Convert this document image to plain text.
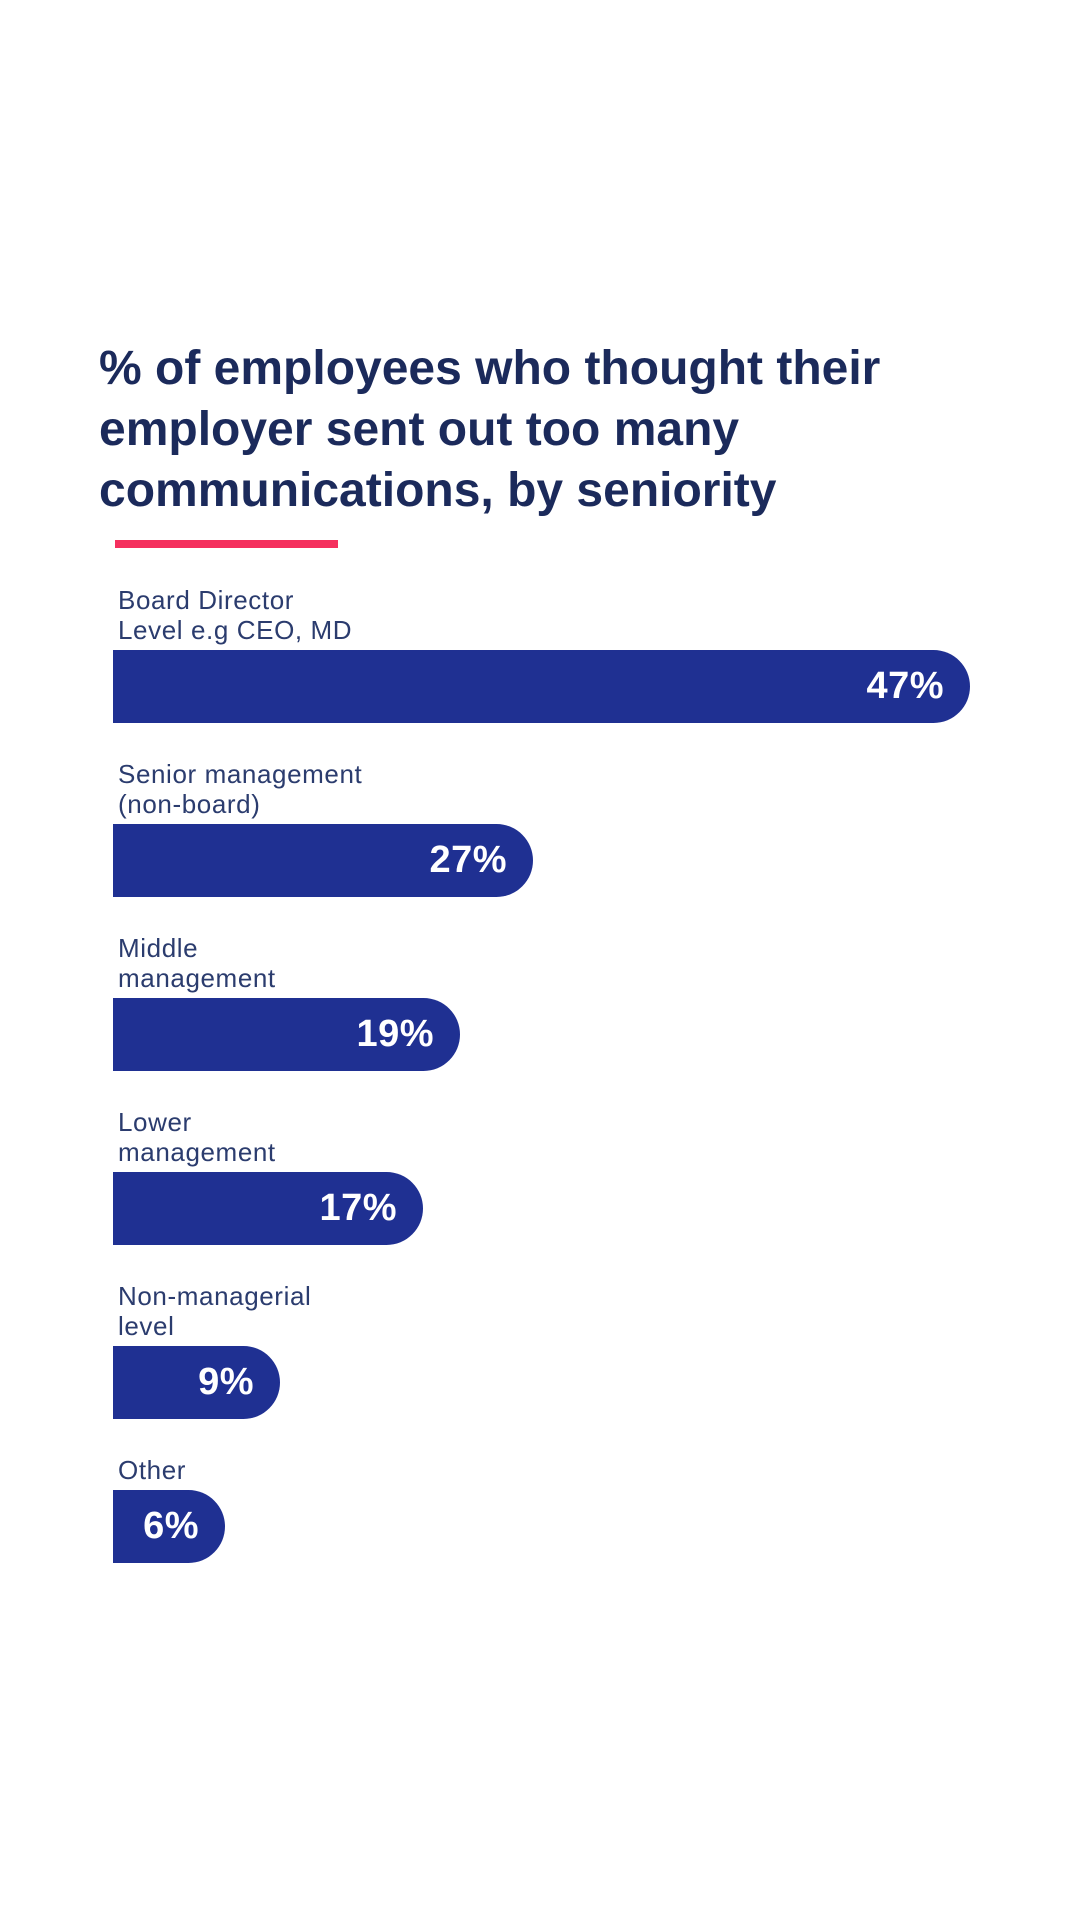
% of employees who thought their
employer sent out too many
communications, by seniority
Board Director
Level e.g CEO, MD
47%
Senior management
(non-board)
27%
Middle
management
19%
Lower
management
17%
Non-managerial
level
9%
Other
6%
